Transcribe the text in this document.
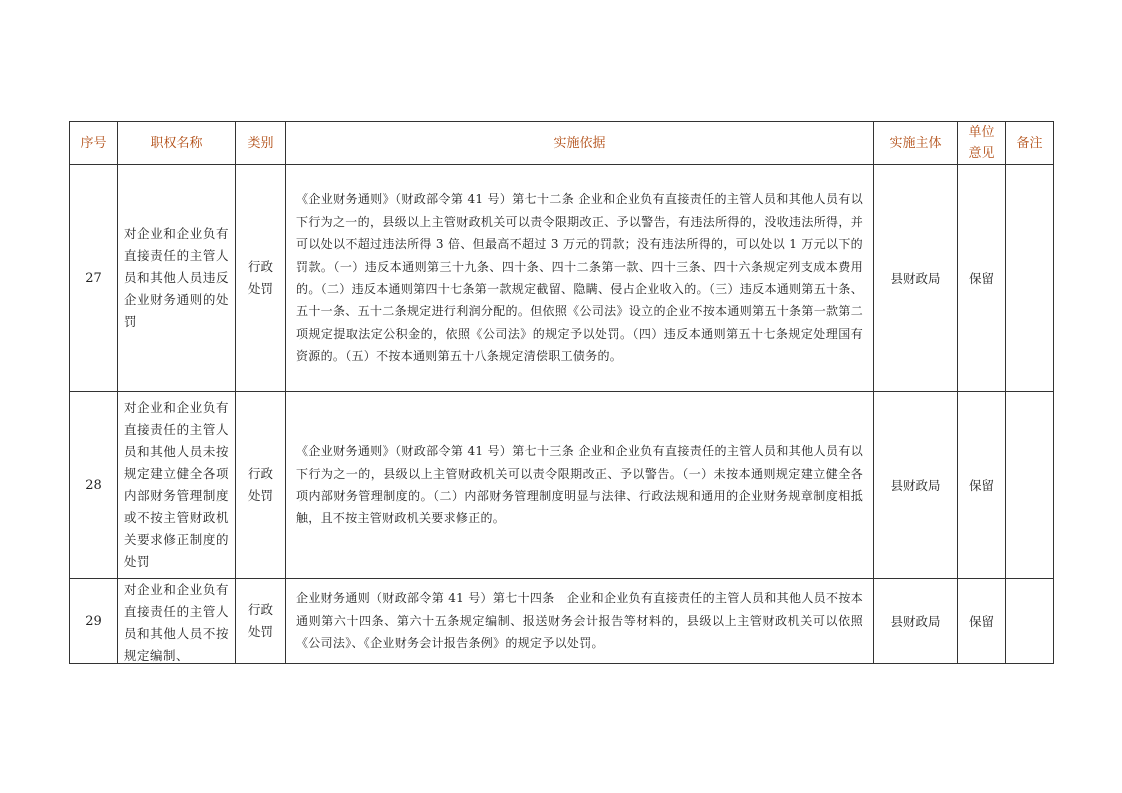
序号	职权名称	类别	实施依据	实施主体	单位意见	备注
27	对企业和企业负有直接责任的主管人员和其他人员违反企业财务通则的处罚	行政处罚	《企业财务通则》（财政部令第 41 号）第七十二条 企业和企业负有直接责任的主管人员和其他人员有以下行为之一的，县级以上主管财政机关可以责令限期改正、予以警告，有违法所得的，没收违法所得，并可以处以不超过违法所得 3 倍、但最高不超过 3 万元的罚款；没有违法所得的，可以处以 1 万元以下的罚款。（一）违反本通则第三十九条、四十条、四十二条第一款、四十三条、四十六条规定列支成本费用的。（二）违反本通则第四十七条第一款规定截留、隐瞒、侵占企业收入的。（三）违反本通则第五十条、五十一条、五十二条规定进行利润分配的。但依照《公司法》设立的企业不按本通则第五十条第一款第二项规定提取法定公积金的，依照《公司法》的规定予以处罚。（四）违反本通则第五十七条规定处理国有资源的。（五）不按本通则第五十八条规定清偿职工债务的。	县财政局	保留	
28	对企业和企业负有直接责任的主管人员和其他人员未按规定建立健全各项内部财务管理制度或不按主管财政机关要求修正制度的处罚	行政处罚	《企业财务通则》（财政部令第 41 号）第七十三条 企业和企业负有直接责任的主管人员和其他人员有以下行为之一的，县级以上主管财政机关可以责令限期改正、予以警告。（一）未按本通则规定建立健全各项内部财务管理制度的。（二）内部财务管理制度明显与法律、行政法规和通用的企业财务规章制度相抵触，且不按主管财政机关要求修正的。	县财政局	保留	
29	对企业和企业负有直接责任的主管人员和其他人员不按规定编制、	行政处罚	企业财务通则（财政部令第 41 号）第七十四条　企业和企业负有直接责任的主管人员和其他人员不按本通则第六十四条、第六十五条规定编制、报送财务会计报告等材料的，县级以上主管财政机关可以依照《公司法》、《企业财务会计报告条例》的规定予以处罚。	县财政局	保留	
